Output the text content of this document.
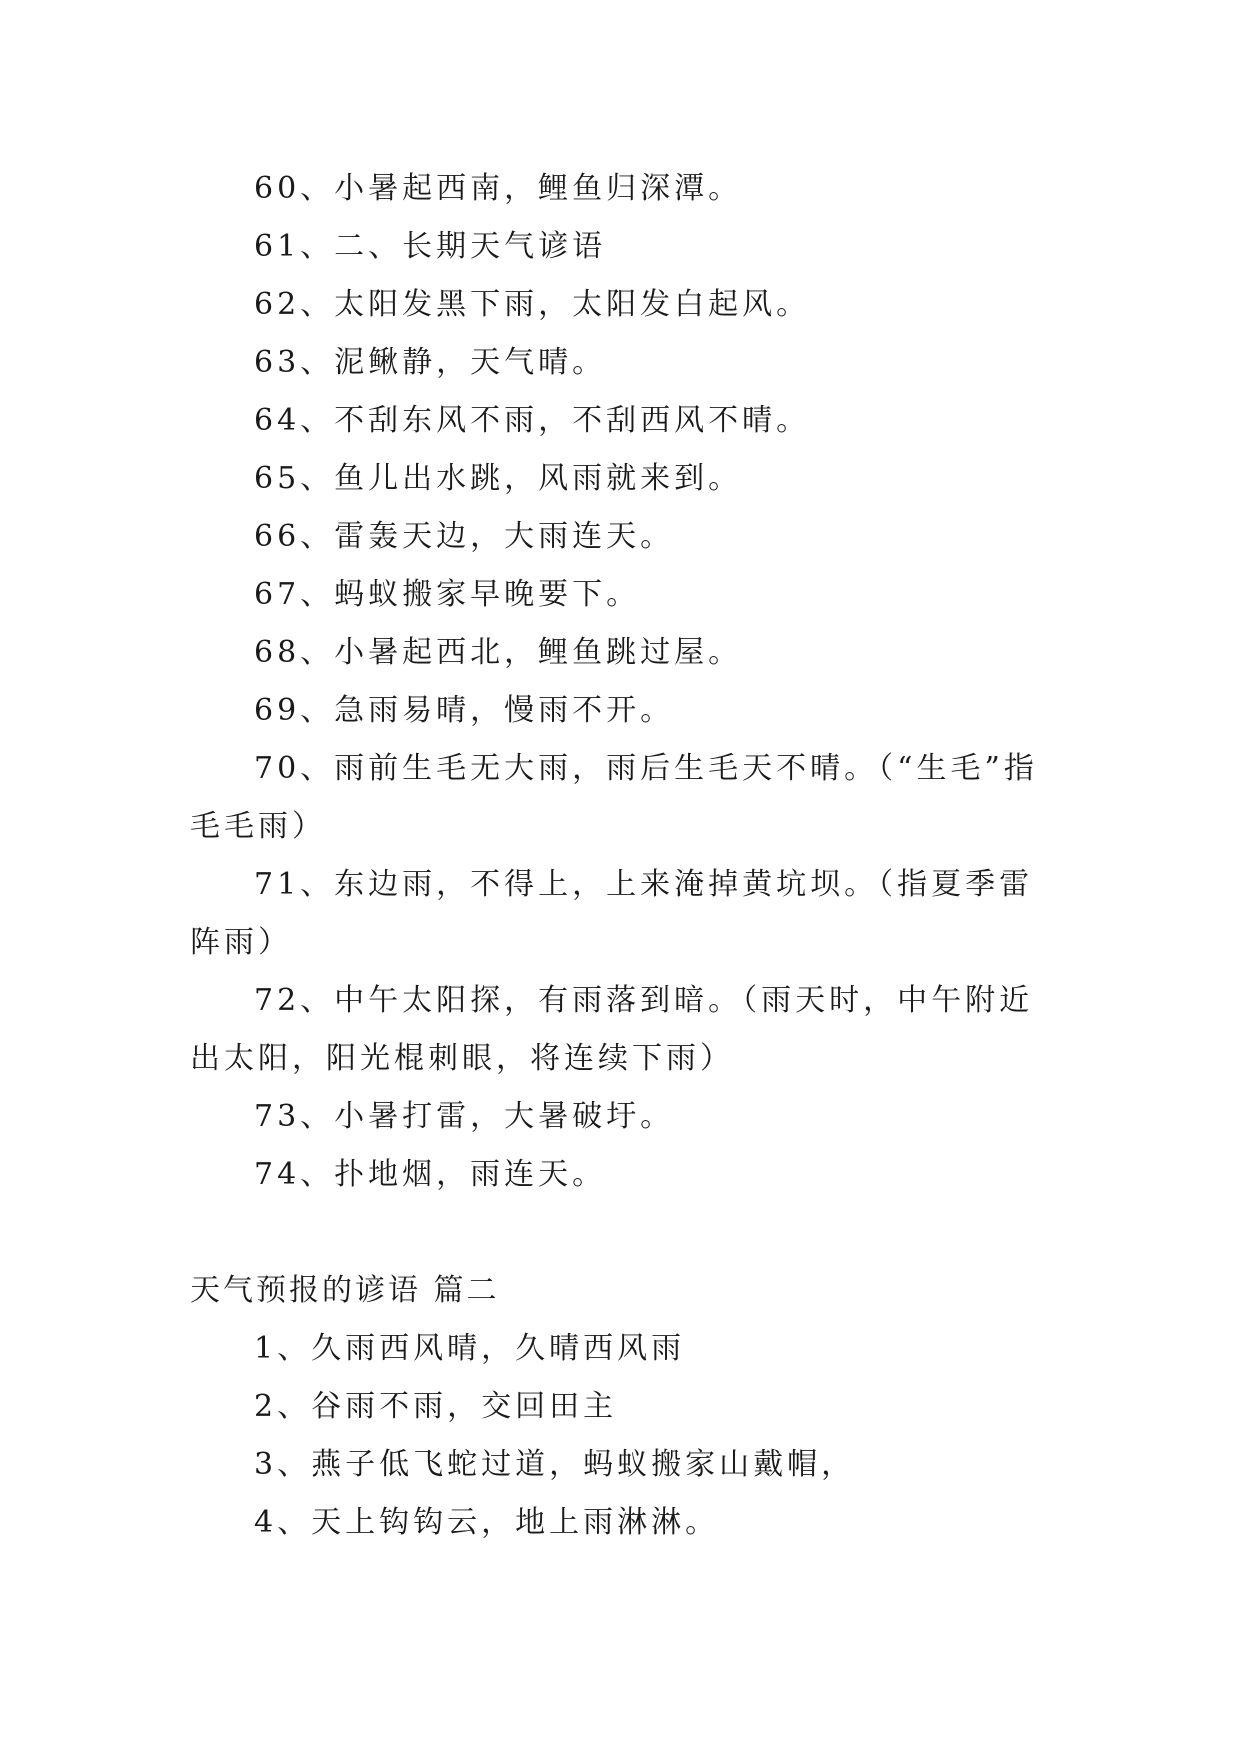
60、小暑起西南，鲤鱼归深潭。

61、二、长期天气谚语

62、太阳发黑下雨，太阳发白起风。

63、泥鳅静，天气晴。

64、不刮东风不雨，不刮西风不晴。

65、鱼儿出水跳，风雨就来到。

66、雷轰天边，大雨连天。

67、蚂蚁搬家早晚要下。

68、小暑起西北，鲤鱼跳过屋。

69、急雨易晴，慢雨不开。

70、雨前生毛无大雨，雨后生毛天不晴。（“生毛”指毛毛雨）

71、东边雨，不得上，上来淹掉黄坑坝。（指夏季雷阵雨）

72、中午太阳探，有雨落到暗。（雨天时，中午附近出太阳，阳光棍刺眼，将连续下雨）

73、小暑打雷，大暑破圩。

74、扑地烟，雨连天。

天气预报的谚语 篇二

1、久雨西风晴，久晴西风雨

2、谷雨不雨，交回田主

3、燕子低飞蛇过道，蚂蚁搬家山戴帽，

4、天上钩钩云，地上雨淋淋。
